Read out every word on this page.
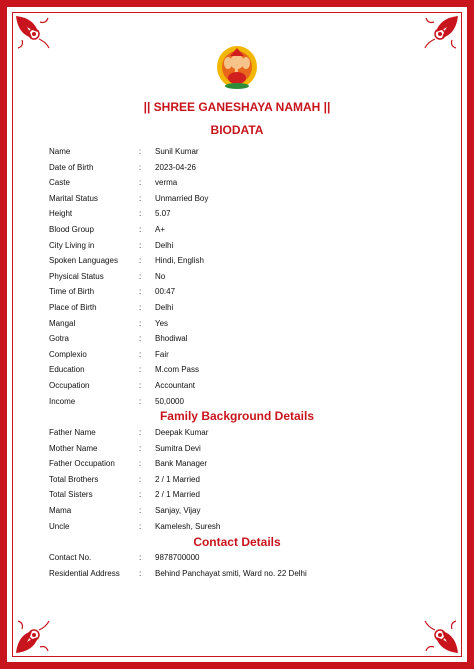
|| SHREE GANESHAYA NAMAH ||
BIODATA
Name	: Sunil Kumar
Date of Birth	: 2023-04-26
Caste	: verma
Marital Status	: Unmarried Boy
Height	: 5.07
Blood Group	: A+
City Living in	: Delhi
Spoken Languages	: Hindi, English
Physical Status	: No
Time of Birth	: 00:47
Place of Birth	: Delhi
Mangal	: Yes
Gotra	: Bhodiwal
Complexio	: Fair
Education	: M.com Pass
Occupation	: Accountant
Income	: 50,0000
Family Background Details
Father Name	: Deepak Kumar
Mother Name	: Sumitra Devi
Father Occupation	: Bank Manager
Total Brothers	: 2 / 1 Married
Total Sisters	: 2 / 1 Married
Mama	: Sanjay, Vijay
Uncle	: Kamelesh, Suresh
Contact Details
Contact No.	: 9878700000
Residential Address : Behind Panchayat smiti, Ward no. 22 Delhi
